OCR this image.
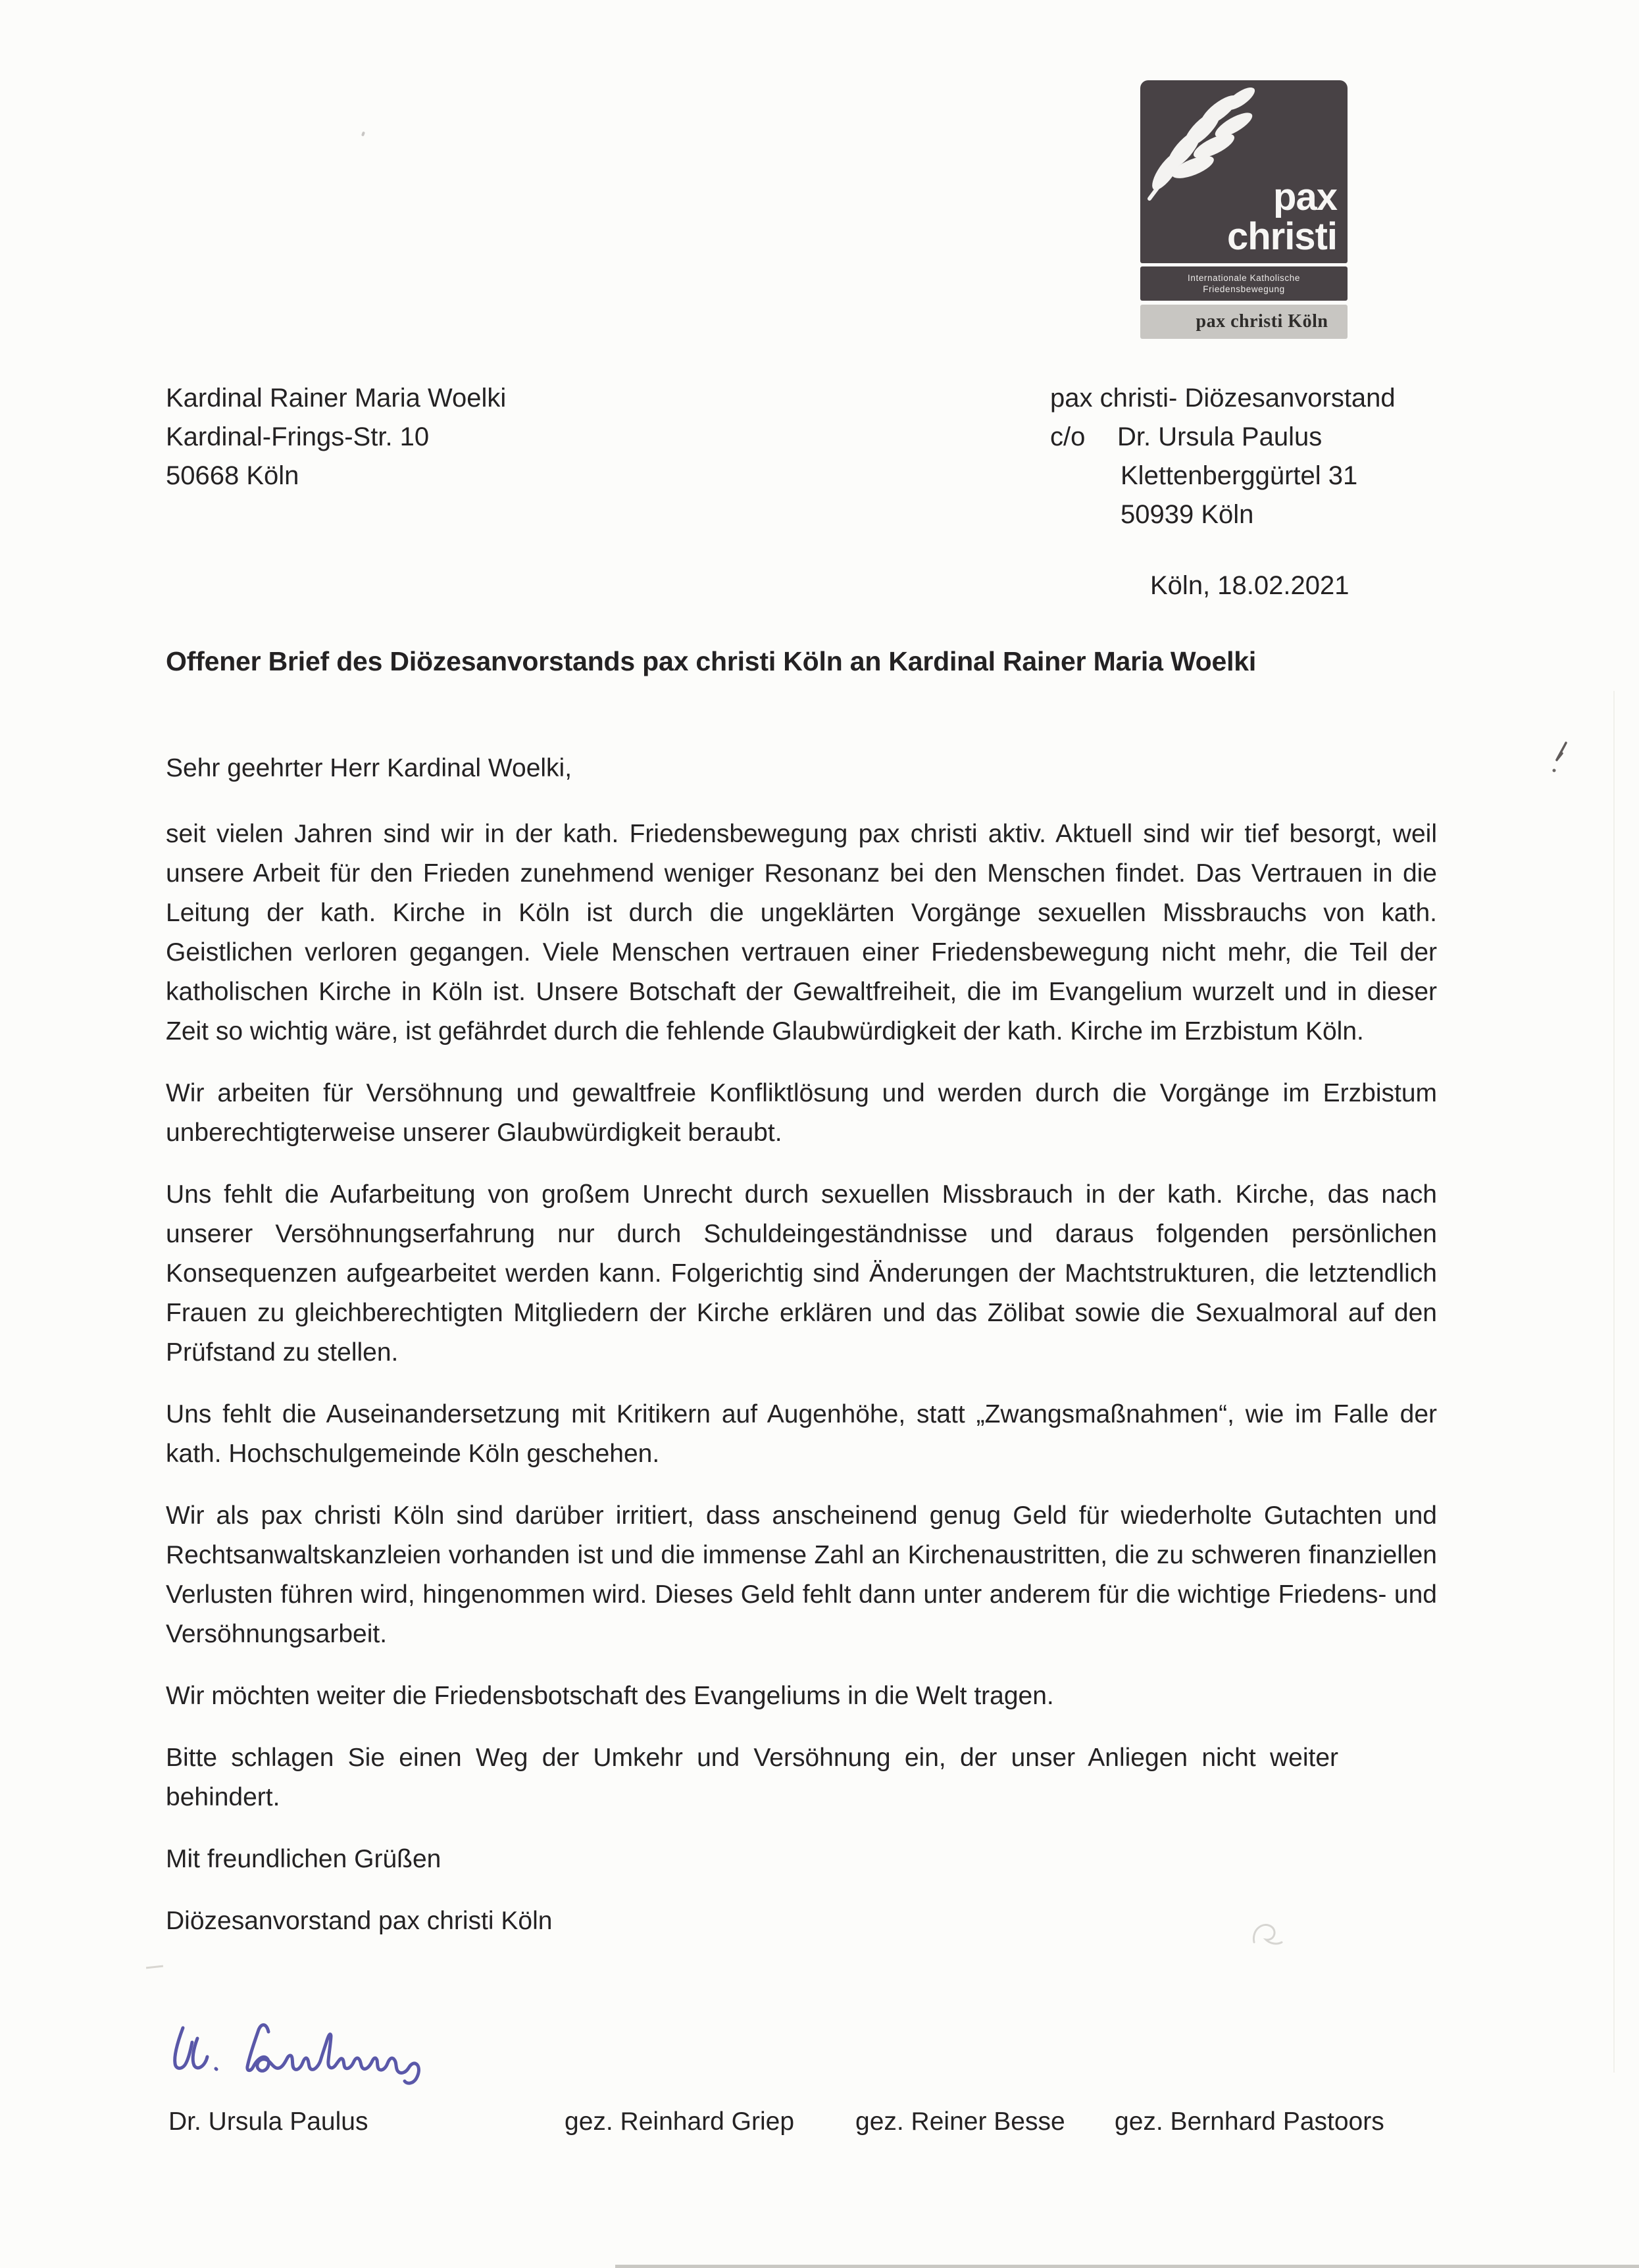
pax
christi
Internationale Katholische
Friedensbewegung
pax christi Köln
Kardinal Rainer Maria Woelki
Kardinal-Frings-Str. 10
50668 Köln
pax christi- Diözesanvorstand
c/o Dr. Ursula Paulus
Klettenberggürtel 31
50939 Köln
Köln, 18.02.2021
Offener Brief des Diözesanvorstands pax christi Köln an Kardinal Rainer Maria Woelki

Sehr geehrter Herr Kardinal Woelki,

seit vielen Jahren sind wir in der kath. Friedensbewegung pax christi aktiv. Aktuell sind wir tief besorgt, weil unsere Arbeit für den Frieden zunehmend weniger Resonanz bei den Menschen findet. Das Vertrauen in die Leitung der kath. Kirche in Köln ist durch die ungeklärten Vorgänge sexuellen Missbrauchs von kath. Geistlichen verloren gegangen. Viele Menschen vertrauen einer Friedensbewegung nicht mehr, die Teil der katholischen Kirche in Köln ist. Unsere Botschaft der Gewaltfreiheit, die im Evangelium wurzelt und in dieser Zeit so wichtig wäre, ist gefährdet durch die fehlende Glaubwürdigkeit der kath. Kirche im Erzbistum Köln.

Wir arbeiten für Versöhnung und gewaltfreie Konfliktlösung und werden durch die Vorgänge im Erzbistum unberechtigterweise unserer Glaubwürdigkeit beraubt.

Uns fehlt die Aufarbeitung von großem Unrecht durch sexuellen Missbrauch in der kath. Kirche, das nach unserer Versöhnungserfahrung nur durch Schuldeingeständnisse und daraus folgenden persönlichen Konsequenzen aufgearbeitet werden kann. Folgerichtig sind Änderungen der Machtstrukturen, die letztendlich Frauen zu gleichberechtigten Mitgliedern der Kirche erklären und das Zölibat sowie die Sexualmoral auf den Prüfstand zu stellen.

Uns fehlt die Auseinandersetzung mit Kritikern auf Augenhöhe, statt „Zwangsmaßnahmen“, wie im Falle der kath. Hochschulgemeinde Köln geschehen.

Wir als pax christi Köln sind darüber irritiert, dass anscheinend genug Geld für wiederholte Gutachten und Rechtsanwaltskanzleien vorhanden ist und die immense Zahl an Kirchenaustritten, die zu schweren finanziellen Verlusten führen wird, hingenommen wird. Dieses Geld fehlt dann unter anderem für die wichtige Friedens- und Versöhnungsarbeit.

Wir möchten weiter die Friedensbotschaft des Evangeliums in die Welt tragen.

Bitte schlagen Sie einen Weg der Umkehr und Versöhnung ein, der unser Anliegen nicht weiter behindert.

Mit freundlichen Grüßen

Diözesanvorstand pax christi Köln

Dr. Ursula Paulus	gez. Reinhard Griep gez. Reiner Besse gez. Bernhard Pastoors
